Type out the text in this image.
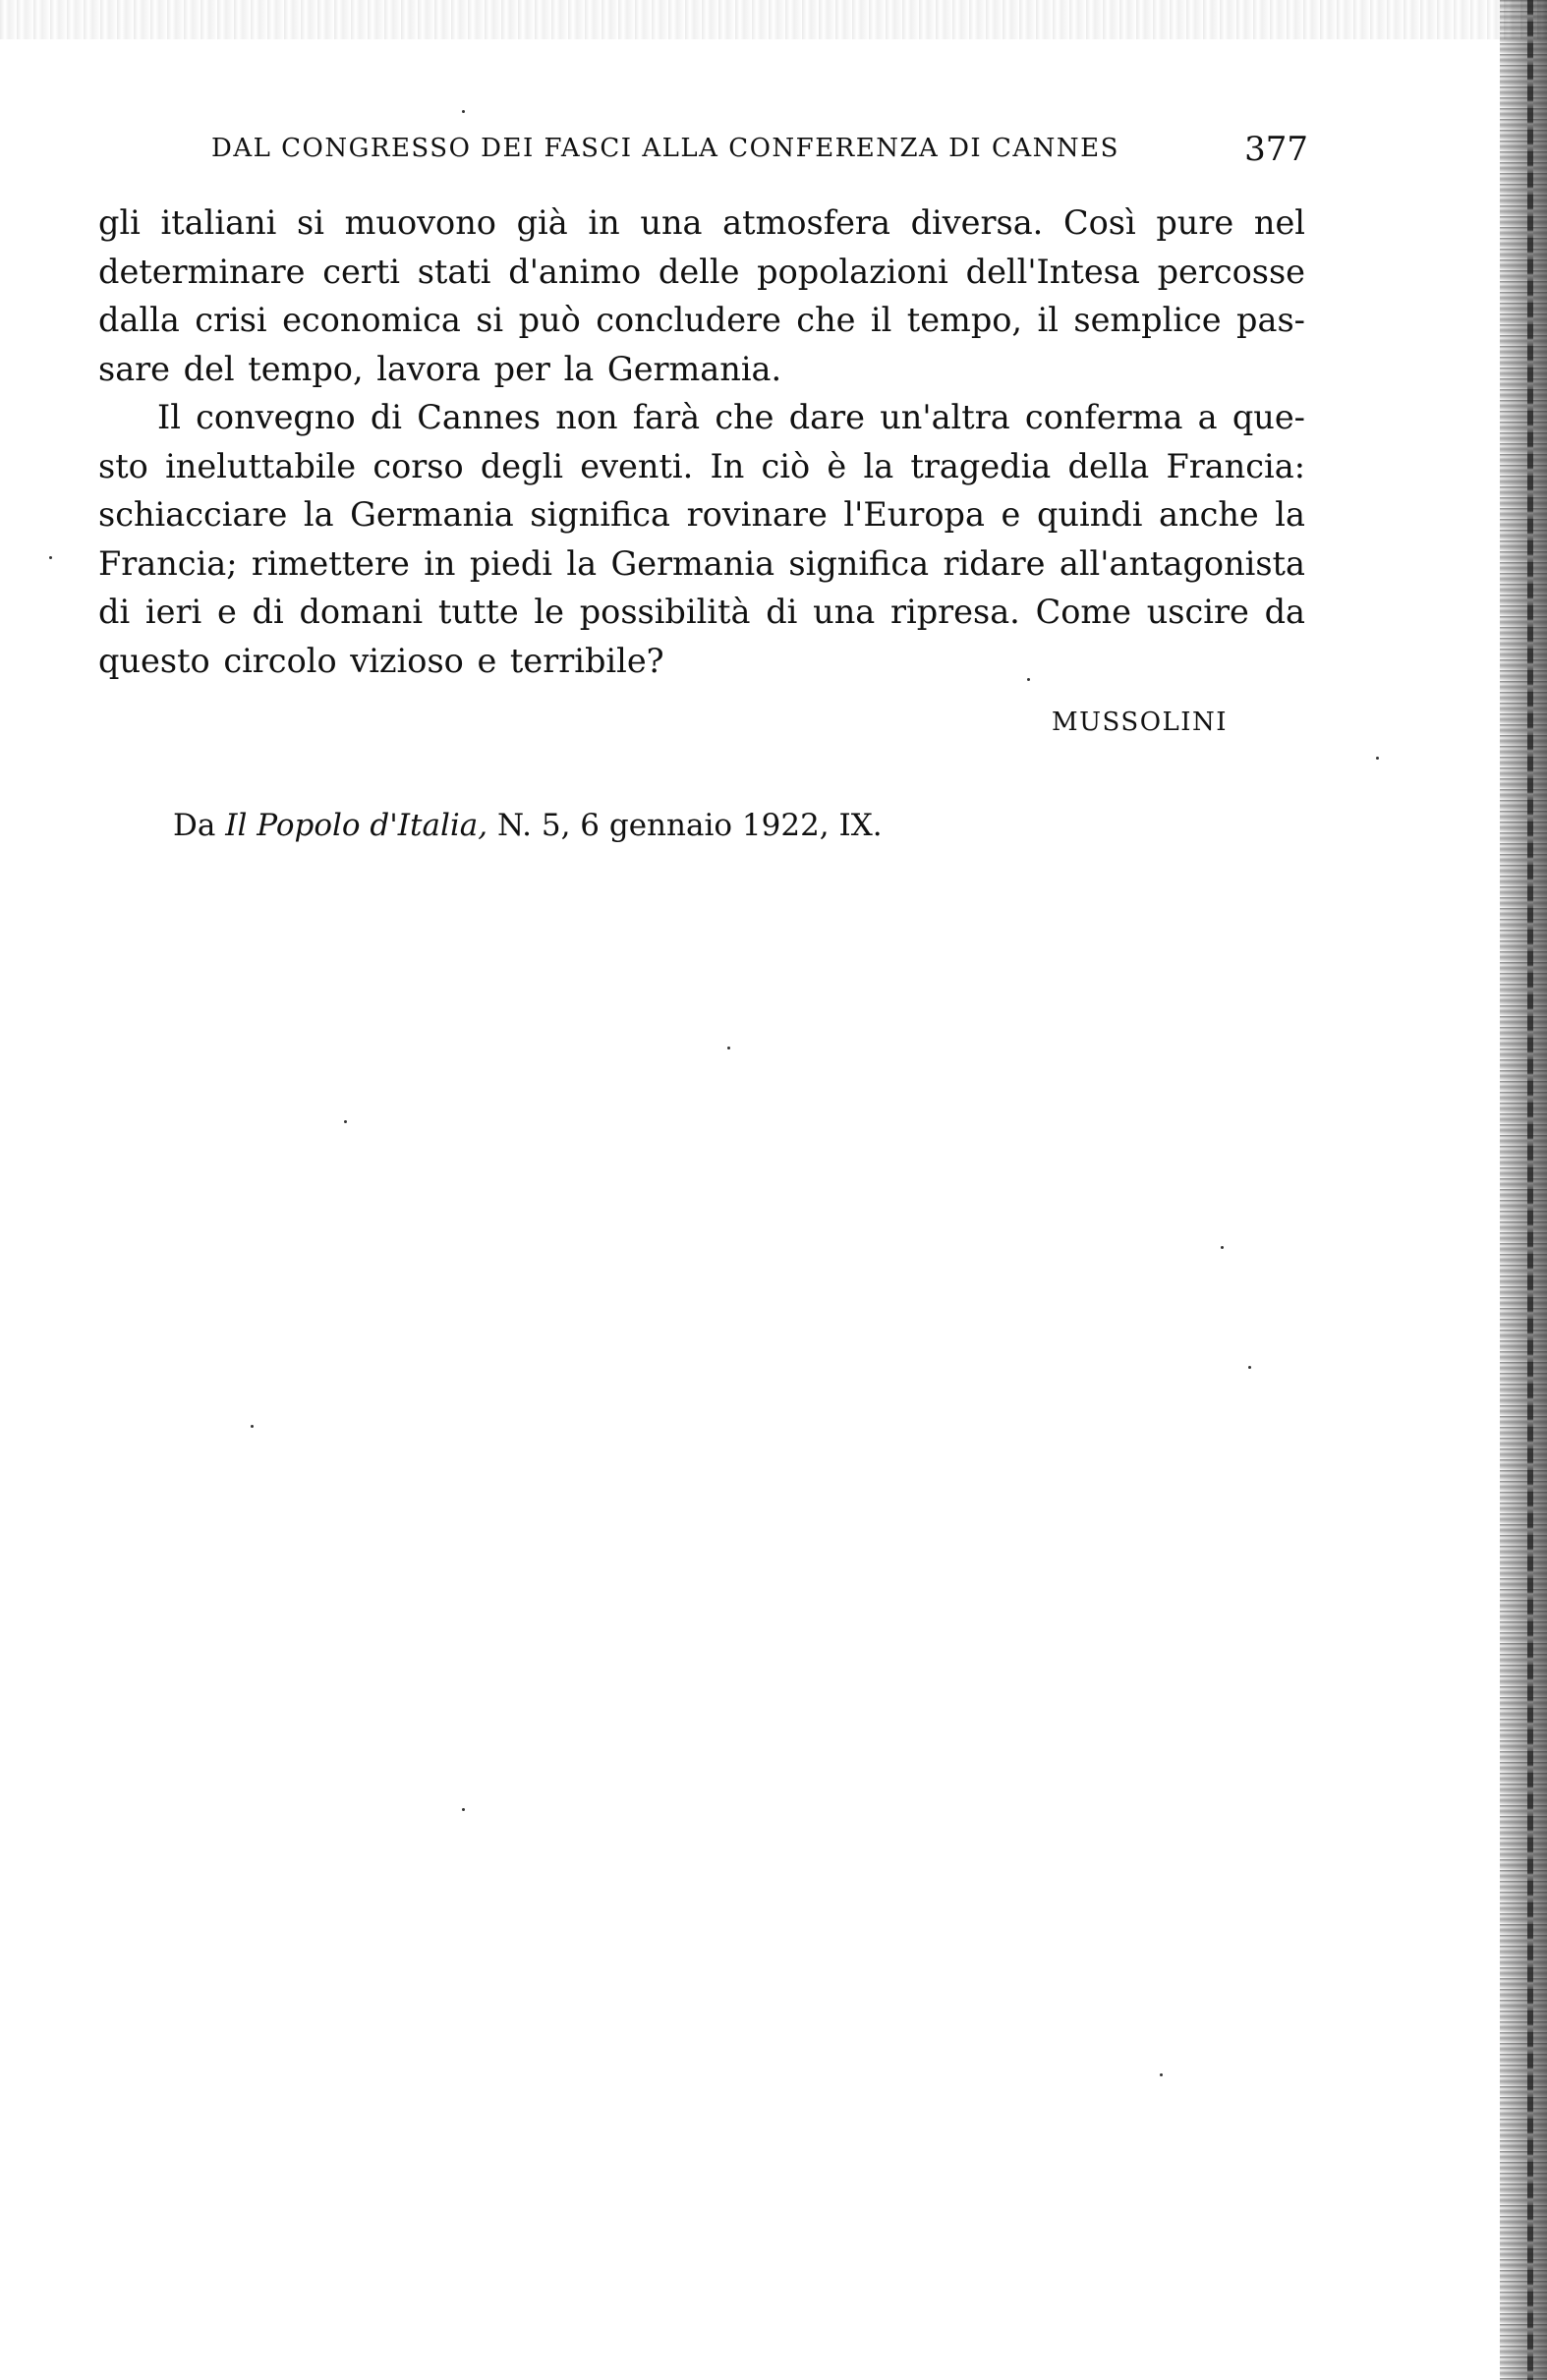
DAL CONGRESSO DEI FASCI ALLA CONFERENZA DI CANNES	377
gli italiani si muovono già in una atmosfera diversa. Così pure nel
determinare certi stati d'animo delle popolazioni dell'Intesa percosse
dalla crisi economica si può concludere che il tempo, il semplice pas-
sare del tempo, lavora per la Germania.
Il convegno di Cannes non farà che dare un'altra conferma a que-
sto ineluttabile corso degli eventi. In ciò è la tragedia della Francia:
schiacciare la Germania significa rovinare l'Europa e quindi anche la
Francia; rimettere in piedi la Germania significa ridare all'antagonista
di ieri e di domani tutte le possibilità di una ripresa. Come uscire da
questo circolo vizioso e terribile?
MUSSOLINI
Da Il Popolo d'Italia, N. 5, 6 gennaio 1922, IX.
